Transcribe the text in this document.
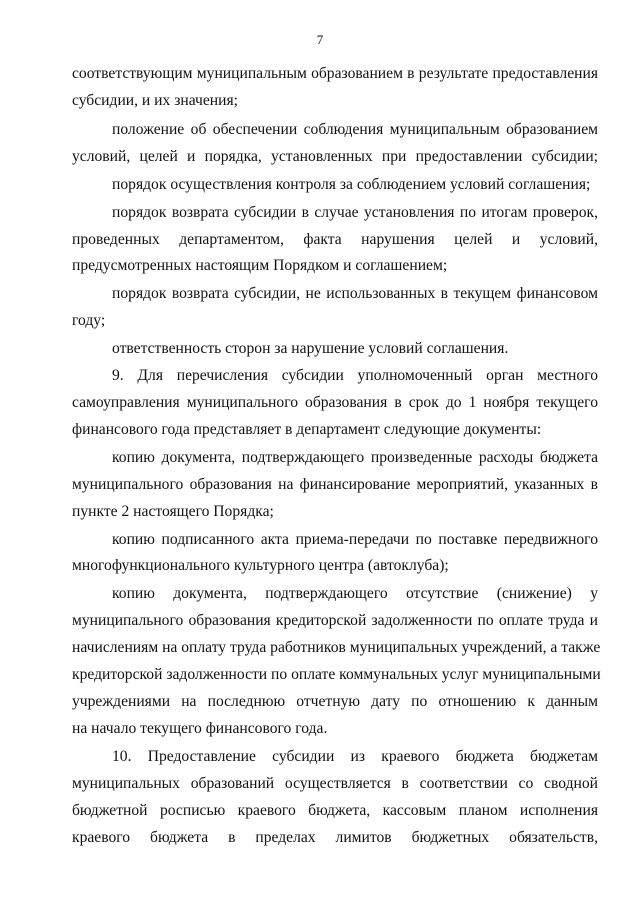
7
соответствующим муниципальным образованием в результате предоставления
субсидии, и их значения;
положение об обеспечении соблюдения муниципальным образованием
условий, целей и порядка, установленных при предоставлении субсидии;
порядок осуществления контроля за соблюдением условий соглашения;
порядок возврата субсидии в случае установления по итогам проверок,
проведенных департаментом, факта нарушения целей и условий,
предусмотренных настоящим Порядком и соглашением;
порядок возврата субсидии, не использованных в текущем финансовом
году;
ответственность сторон за нарушение условий соглашения.
9. Для перечисления субсидии уполномоченный орган местного
самоуправления муниципального образования в срок до 1 ноября текущего
финансового года представляет в департамент следующие документы:
копию документа, подтверждающего произведенные расходы бюджета
муниципального образования на финансирование мероприятий, указанных в
пункте 2 настоящего Порядка;
копию подписанного акта приема-передачи по поставке передвижного
многофункционального культурного центра (автоклуба);
копию документа, подтверждающего отсутствие (снижение) у
муниципального образования кредиторской задолженности по оплате труда и
начислениям на оплату труда работников муниципальных учреждений, а также
кредиторской задолженности по оплате коммунальных услуг муниципальными
учреждениями на последнюю отчетную дату по отношению к данным
на начало текущего финансового года.
10. Предоставление субсидии из краевого бюджета бюджетам
муниципальных образований осуществляется в соответствии со сводной
бюджетной росписью краевого бюджета, кассовым планом исполнения
краевого бюджета в пределах лимитов бюджетных обязательств,
